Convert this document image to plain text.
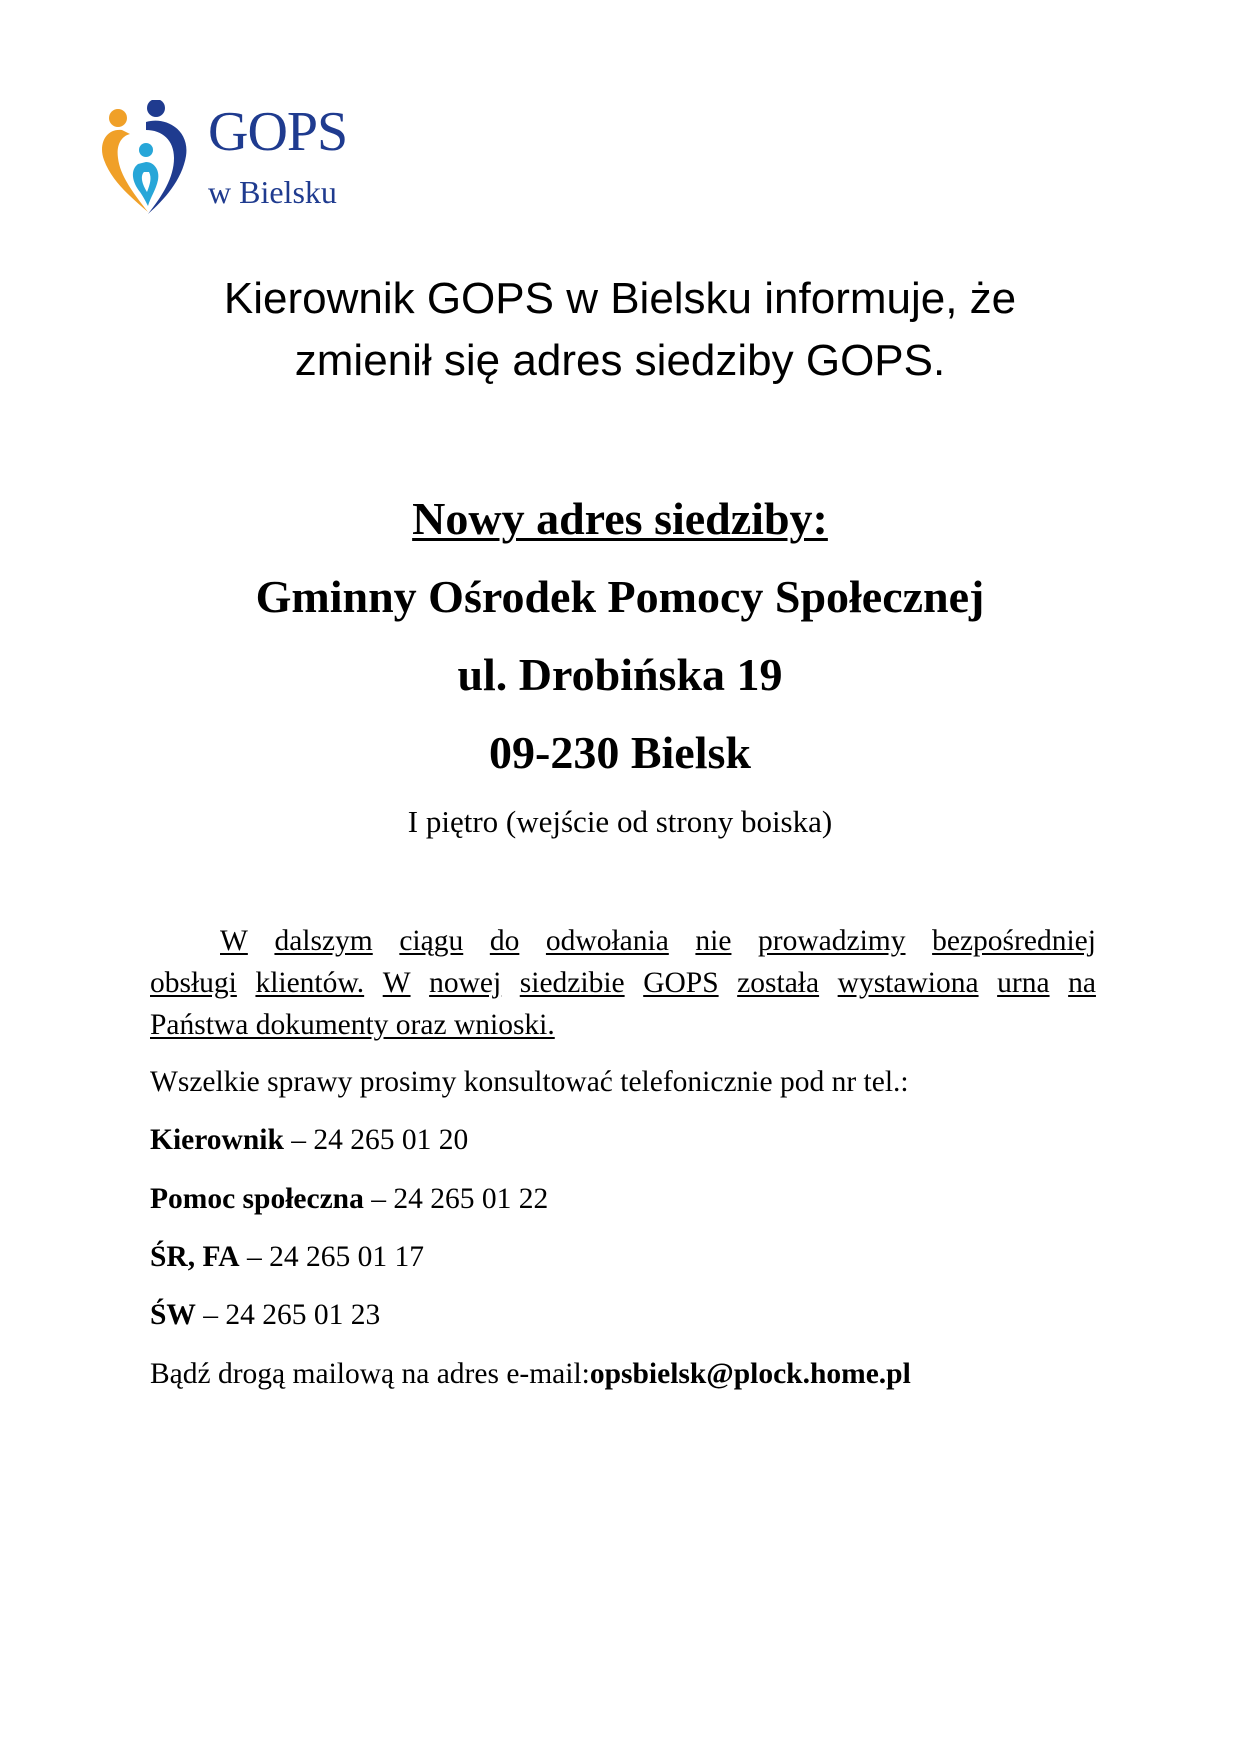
GOPS
w Bielsku
Kierownik GOPS w Bielsku informuje, że
zmienił się adres siedziby GOPS.
Nowy adres siedziby:
Gminny Ośrodek Pomocy Społecznej
ul. Drobińska 19
09-230 Bielsk
I piętro (wejście od strony boiska)
W dalszym ciągu do odwołania nie prowadzimy bezpośredniej
obsługi klientów. W nowej siedzibie GOPS została wystawiona urna na
Państwa dokumenty oraz wnioski.
Wszelkie sprawy prosimy konsultować telefonicznie pod nr tel.:
Kierownik – 24 265 01 20
Pomoc społeczna – 24 265 01 22
ŚR, FA – 24 265 01 17
ŚW – 24 265 01 23
Bądź drogą mailową na adres e-mail:opsbielsk@plock.home.pl
